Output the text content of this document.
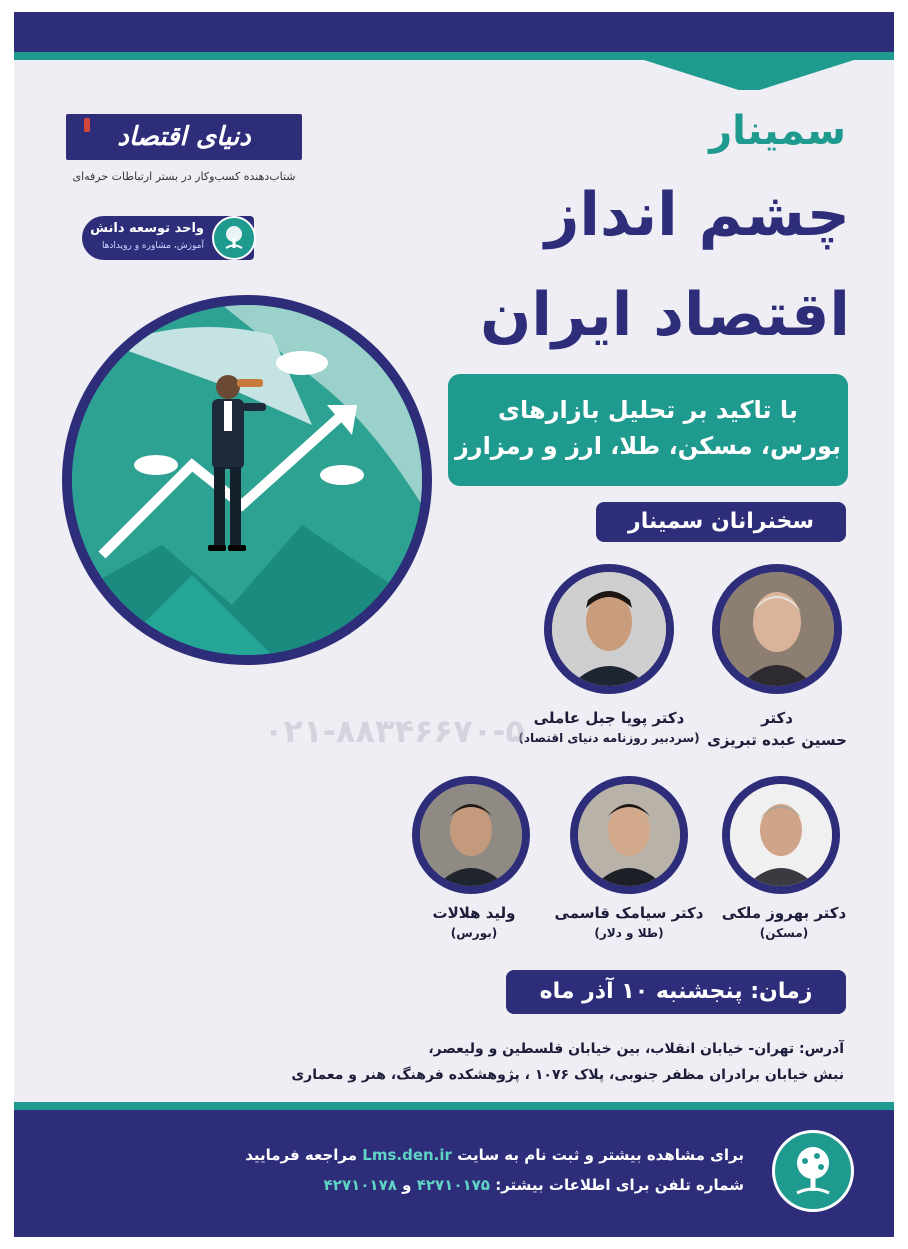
دنیای اقتصاد
شتاب‌دهنده کسب‌و‌کار در بستر ارتباطات حرفه‌ای
واحد توسعه دانش
آموزش، مشاوره و رویدادها
سمینار
چشم انداز
اقتصاد ایران
با تاکید بر تحلیل بازارهای
بورس، مسکن، طلا، ارز و رمزارز
سخنرانان سمینار
دکتر
حسین عبده تبریزی
دکتر پویا جبل عاملی
(سردبیر روزنامه دنیای اقتصاد)
۰۲۱-۸۸۳۴۶۶۷۰-۵
دکتر بهروز ملکی
(مسکن)
دکتر سیامک قاسمی
(طلا و دلار)
ولید هلالات
(بورس)
زمان: پنجشنبه ۱۰ آذر ماه
آدرس: تهران- خیابان انقلاب، بین خیابان فلسطین و ولیعصر،
نبش خیابان برادران مظفر جنوبی، پلاک ۱۰۷۶ ، پژوهشکده فرهنگ، هنر و معماری
برای مشاهده بیشتر و ثبت نام به سایت Lms.den.ir مراجعه فرمایید
شماره تلفن برای اطلاعات بیشتر: ۴۲۷۱۰۱۷۵ و ۴۲۷۱۰۱۷۸
